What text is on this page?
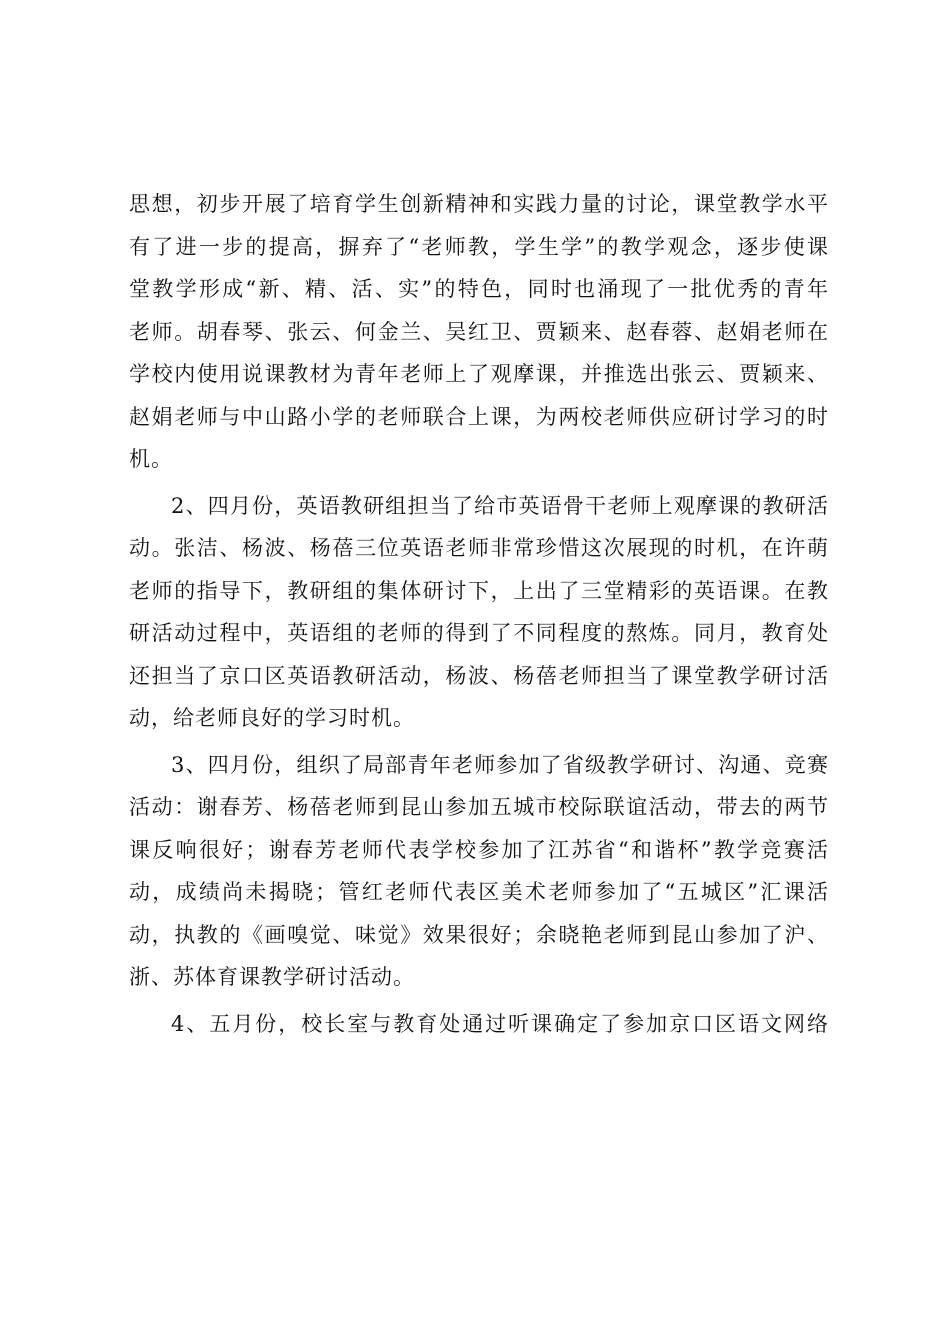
思想，初步开展了培育学生创新精神和实践力量的讨论，课堂教学水平
有了进一步的提高，摒弃了“老师教，学生学”的教学观念，逐步使课
堂教学形成“新、精、活、实”的特色，同时也涌现了一批优秀的青年
老师。胡春琴、张云、何金兰、吴红卫、贾颖来、赵春蓉、赵娟老师在
学校内使用说课教材为青年老师上了观摩课，并推选出张云、贾颖来、
赵娟老师与中山路小学的老师联合上课，为两校老师供应研讨学习的时
机。
2、四月份，英语教研组担当了给市英语骨干老师上观摩课的教研活
动。张洁、杨波、杨蓓三位英语老师非常珍惜这次展现的时机，在许萌
老师的指导下，教研组的集体研讨下，上出了三堂精彩的英语课。在教
研活动过程中，英语组的老师的得到了不同程度的熬炼。同月，教育处
还担当了京口区英语教研活动，杨波、杨蓓老师担当了课堂教学研讨活
动，给老师良好的学习时机。
3、四月份，组织了局部青年老师参加了省级教学研讨、沟通、竞赛
活动：谢春芳、杨蓓老师到昆山参加五城市校际联谊活动，带去的两节
课反响很好；谢春芳老师代表学校参加了江苏省“和谐杯”教学竞赛活
动，成绩尚未揭晓；管红老师代表区美术老师参加了“五城区”汇课活
动，执教的《画嗅觉、味觉》效果很好；余晓艳老师到昆山参加了沪、
浙、苏体育课教学研讨活动。
4、五月份，校长室与教育处通过听课确定了参加京口区语文网络
